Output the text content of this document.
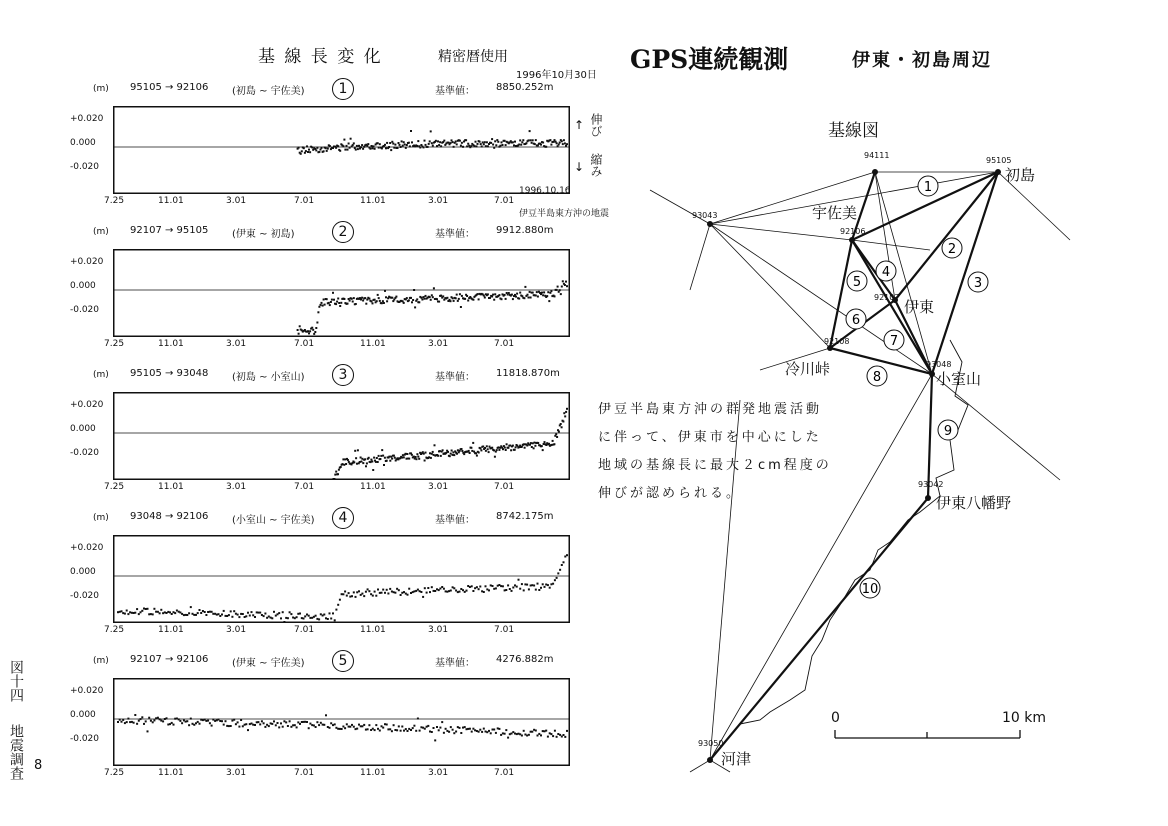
基 線 長 変 化	精密暦使用	GPS連続観測	伊東・初島周辺
1996年10月30日
(m) 95105 → 92106 (初島 ~ 宇佐美)	1	基準値： 8850.252m
+0.020
0.000
-0.020
7.25	11.01	3.01	7.01	11.01	3.01	7.01
(m) 92107 → 95105 (伊東 ~ 初島)	2	基準値： 9912.880m
+0.020
0.000
-0.020
7.25	11.01	3.01	7.01	11.01	3.01	7.01
(m) 95105 → 93048 (初島 ~ 小室山)	3	基準値： 11818.870m
+0.020
0.000
-0.020
7.25	11.01	3.01	7.01	11.01	3.01	7.01
(m) 93048 → 92106 (小室山 ~ 宇佐美)	4	基準値： 8742.175m
+0.020
0.000
-0.020
7.25	11.01	3.01	7.01	11.01	3.01	7.01
(m) 92107 → 92106 (伊東 ~ 宇佐美)	5	基準値： 4276.882m
+0.020
0.000
-0.020
7.25	11.01	3.01	7.01	11.01	3.01	7.01
伸び
縮み
↑
↓
1996.10.16
伊豆半島東方沖の地震
1
2
3
4
5
6
7
8
9
10
95105
94111
93043
92106
92107
92108
93048
93042
93050
基線図
初島
宇佐美
伊東
冷川峠
小室山
伊東八幡野
河津
0	10 km
伊豆半島東方沖の群発地震活動
に伴って、伊東市を中心にした
地域の基線長に最大２cm程度の
伸びが認められる。
図十四
地震調査 8
